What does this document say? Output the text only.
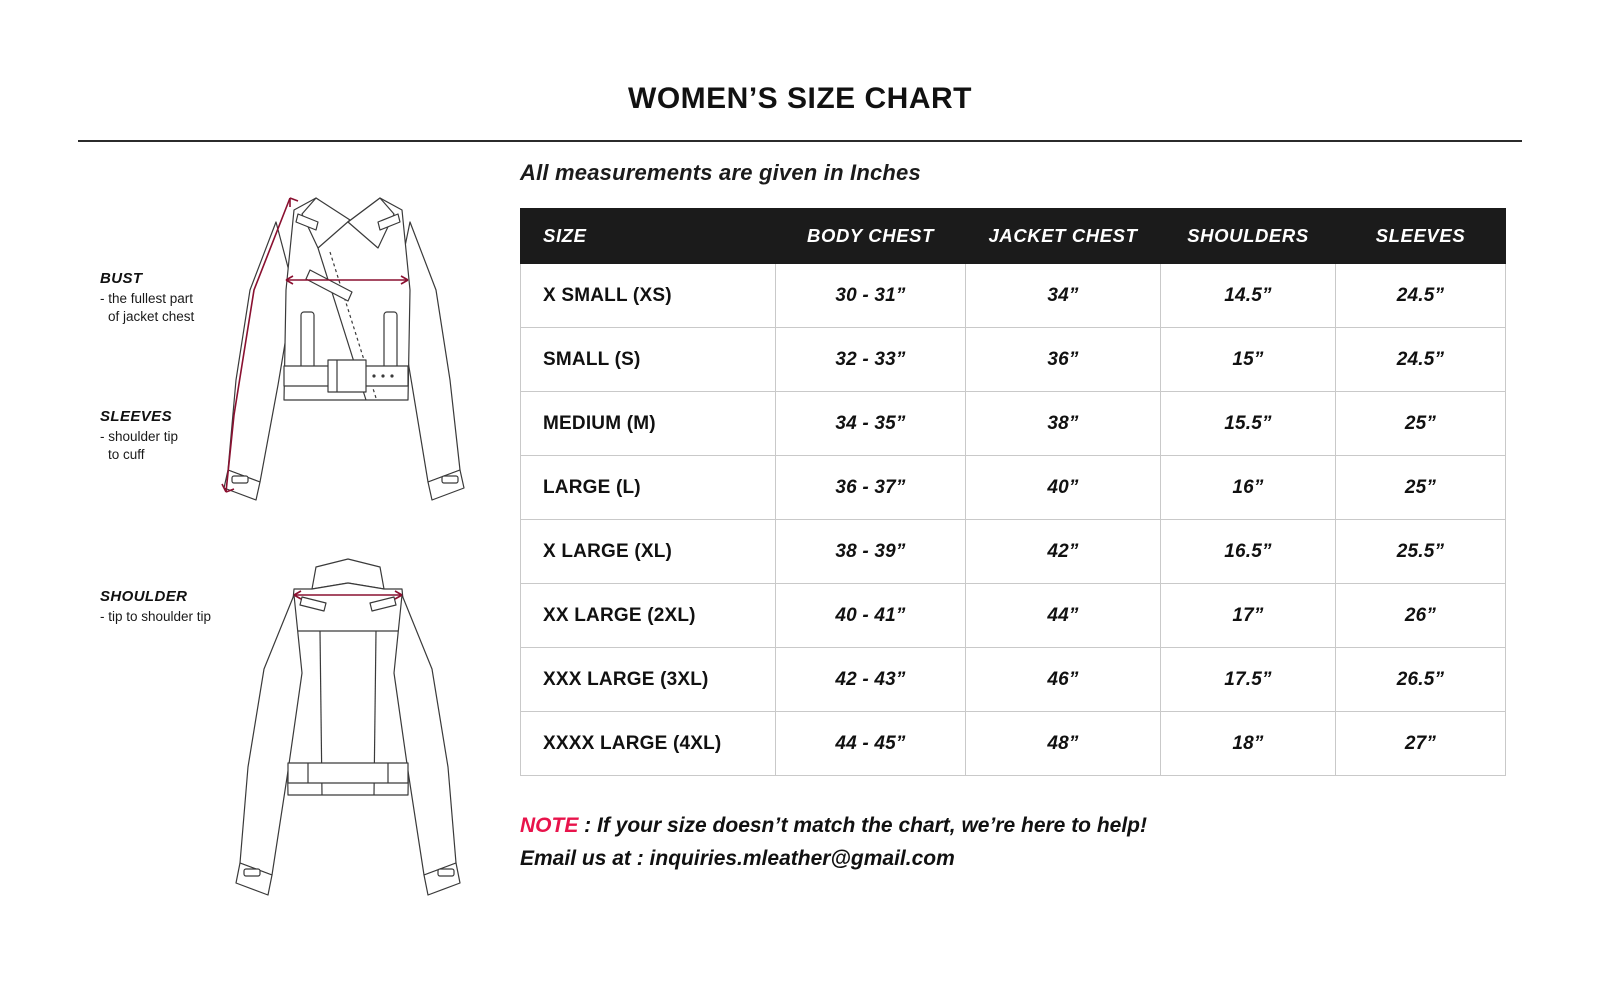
WOMEN’S SIZE CHART
BUST
- the fullest part
of jacket chest
SLEEVES
- shoulder tip
to cuff
SHOULDER
- tip to shoulder tip
All measurements are given in Inches
SIZE	BODY CHEST	JACKET CHEST	SHOULDERS	SLEEVES
X SMALL (XS)	30 - 31”	34”	14.5”	24.5”
SMALL (S)	32 - 33”	36”	15”	24.5”
MEDIUM (M)	34 - 35”	38”	15.5”	25”
LARGE (L)	36 - 37”	40”	16”	25”
X LARGE (XL)	38 - 39”	42”	16.5”	25.5”
XX LARGE (2XL)	40 - 41”	44”	17”	26”
XXX LARGE (3XL)	42 - 43”	46”	17.5”	26.5”
XXXX LARGE (4XL)	44 - 45”	48”	18”	27”
NOTE : If your size doesn’t match the chart, we’re here to help!
Email us at : inquiries.mleather@gmail.com
